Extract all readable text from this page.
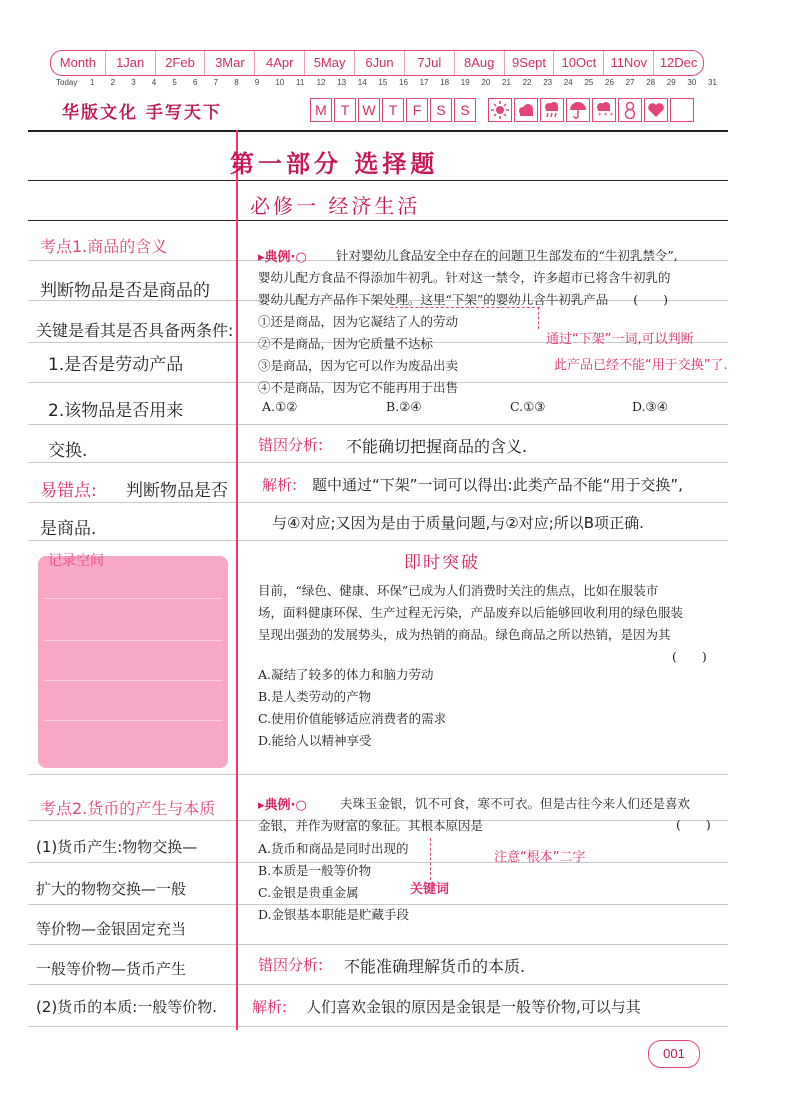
Month	1Jan	2Feb	3Mar	4Apr	5May	6Jun	7Jul	8Aug	9Sept	10Oct	11Nov 12Dec
Today 1 2 3 4 5 6 7 8 9 10 11 12 13 14 15 16 17 18 19 20 21 22 23 24 25 26 27 28 29 30 31
华版文化 手写天下	M T W T	F	S	S	* * *
第一部分 选择题
必修一 经济生活
考点1.商品的含义
判断物品是否是商品的
关键是看其是否具备两条件:
1.是否是劳动产品
2.该物品是否用来
交换.
易错点: 判断物品是否
是商品.
记录空间
考点2.货币的产生与本质
(1)货币产生:物物交换—
扩大的物物交换—一般
等价物—金银固定充当
一般等价物—货币产生
(2)货币的本质:一般等价物.
▸典例·○ 针对婴幼儿食品安全中存在的问题卫生部发布的“牛初乳禁令”,
婴幼儿配方食品不得添加牛初乳。针对这一禁令，许多超市已将含牛初乳的
婴幼儿配方产品作下架处理。这里“下架”的婴幼儿含牛初乳产品　　(　　)
①还是商品，因为它凝结了人的劳动
②不是商品，因为它质量不达标
③是商品，因为它可以作为废品出卖
④不是商品，因为它不能再用于出售
A.①②	B.②④	C.①③	D.③④
通过“下架”一词,可以判断
此产品已经不能“用于交换”了.
错因分析: 不能确切把握商品的含义.
解析: 题中通过“下架”一词可以得出:此类产品不能“用于交换”,
与④对应;又因为是由于质量问题,与②对应;所以B项正确.
即时突破
目前，“绿色、健康、环保”已成为人们消费时关注的焦点，比如在服装市
场，面料健康环保、生产过程无污染，产品废弃以后能够回收利用的绿色服装
呈现出强劲的发展势头，成为热销的商品。绿色商品之所以热销，是因为其
(　　)
A.凝结了较多的体力和脑力劳动
B.是人类劳动的产物
C.使用价值能够适应消费者的需求
D.能给人以精神享受
▸典例·○	夫珠玉金银，饥不可食，寒不可衣。但是古往今来人们还是喜欢
金银，并作为财富的象征。其根本原因是	(　　)
A.货币和商品是同时出现的
B.本质是一般等价物
C.金银是贵重金属
D.金银基本职能是贮藏手段
注意“根本”二字
关键词
错因分析: 不能准确理解货币的本质.
解析: 人们喜欢金银的原因是金银是一般等价物,可以与其
001
